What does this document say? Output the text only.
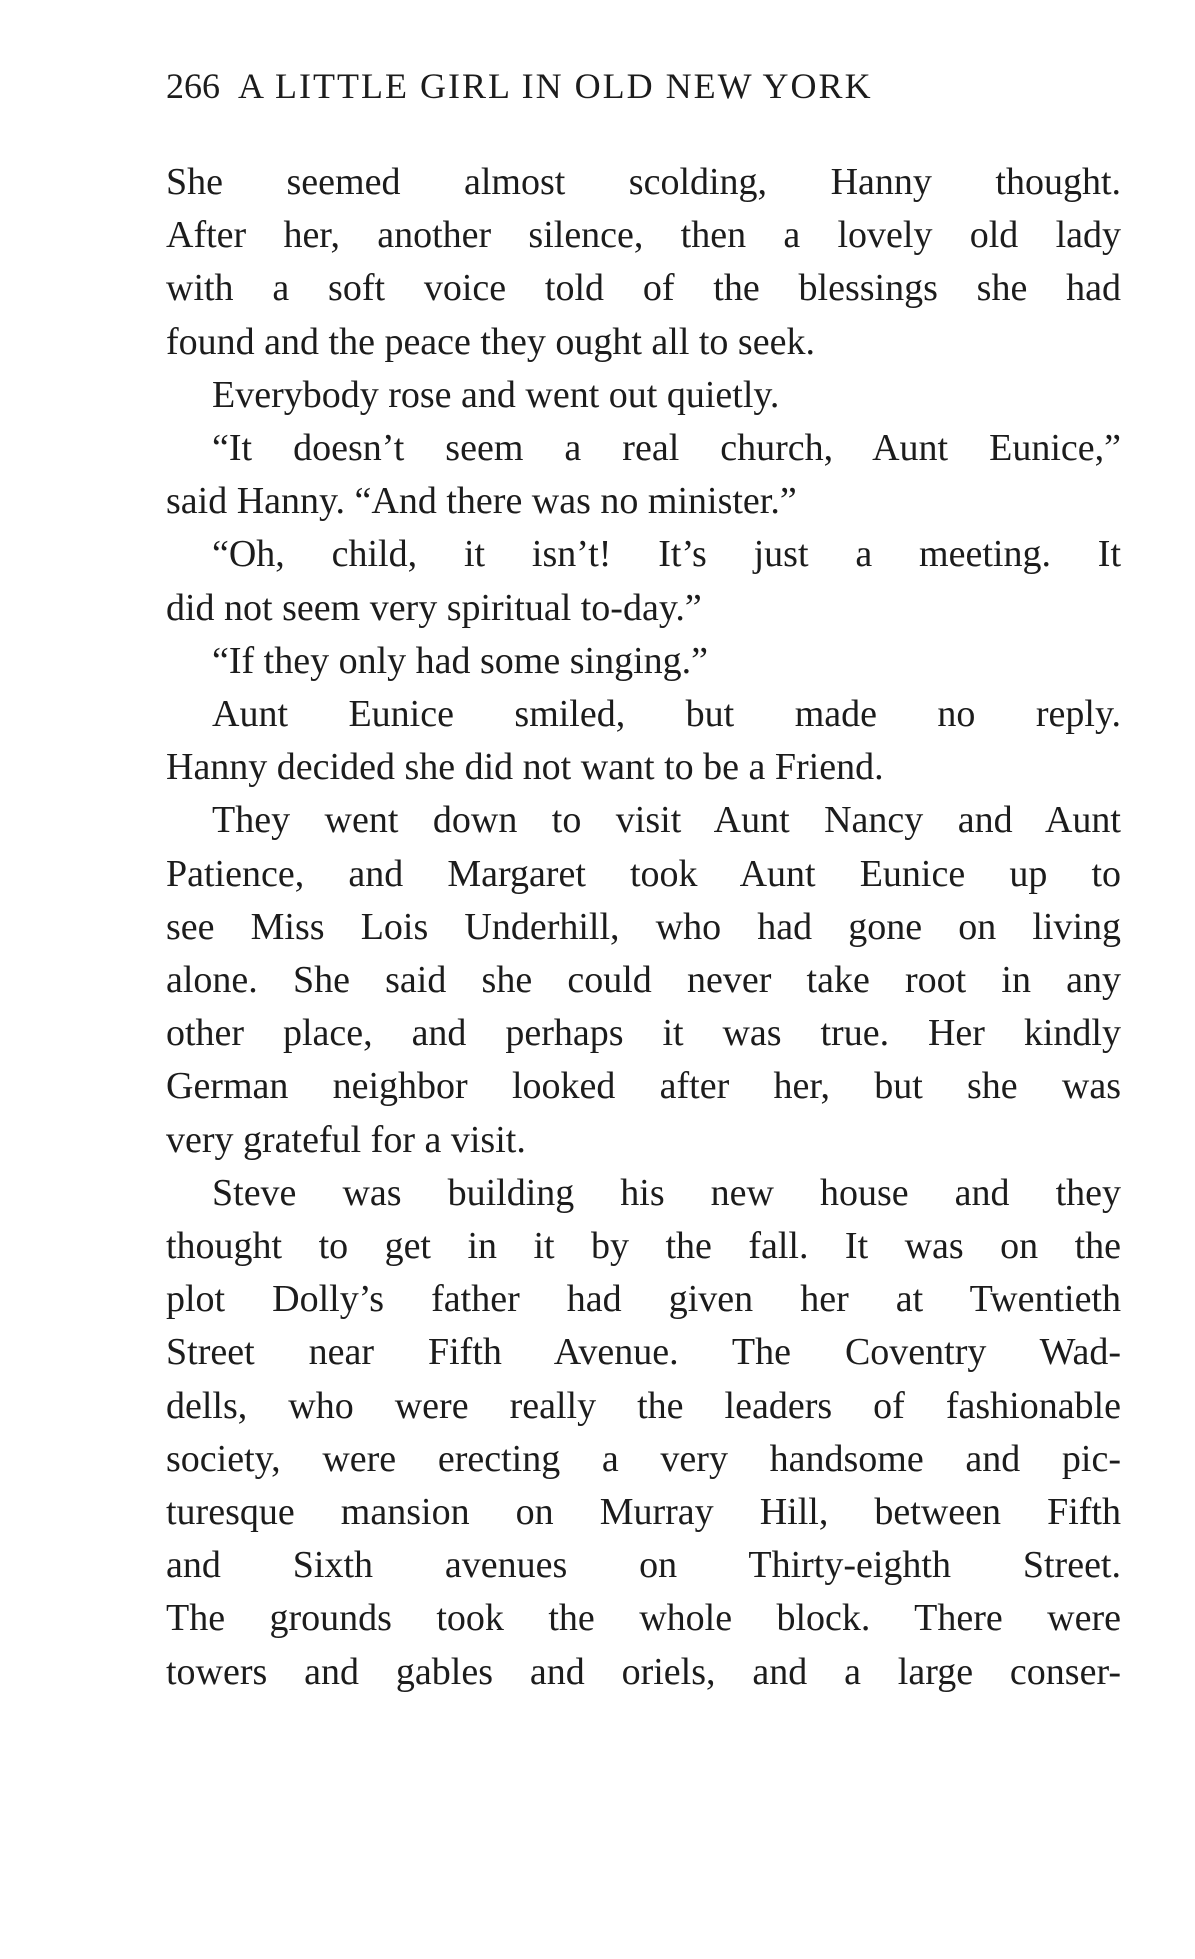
266 A LITTLE GIRL IN OLD NEW YORK

She seemed almost scolding, Hanny thought.

After her, another silence, then a lovely old lady

with a soft voice told of the blessings she had

found and the peace they ought all to seek.

Everybody rose and went out quietly.

“It doesn’t seem a real church, Aunt Eunice,”

said Hanny. “And there was no minister.”

“Oh, child, it isn’t! It’s just a meeting. It

did not seem very spiritual to-day.”

“If they only had some singing.”

Aunt Eunice smiled, but made no reply.

Hanny decided she did not want to be a Friend.

They went down to visit Aunt Nancy and Aunt

Patience, and Margaret took Aunt Eunice up to

see Miss Lois Underhill, who had gone on living

alone. She said she could never take root in any

other place, and perhaps it was true. Her kindly

German neighbor looked after her, but she was

very grateful for a visit.

Steve was building his new house and they

thought to get in it by the fall. It was on the

plot Dolly’s father had given her at Twentieth

Street near Fifth Avenue. The Coventry Wad-

dells, who were really the leaders of fashionable

society, were erecting a very handsome and pic-

turesque mansion on Murray Hill, between Fifth

and Sixth avenues on Thirty-eighth Street.

The grounds took the whole block. There were

towers and gables and oriels, and a large conser-
